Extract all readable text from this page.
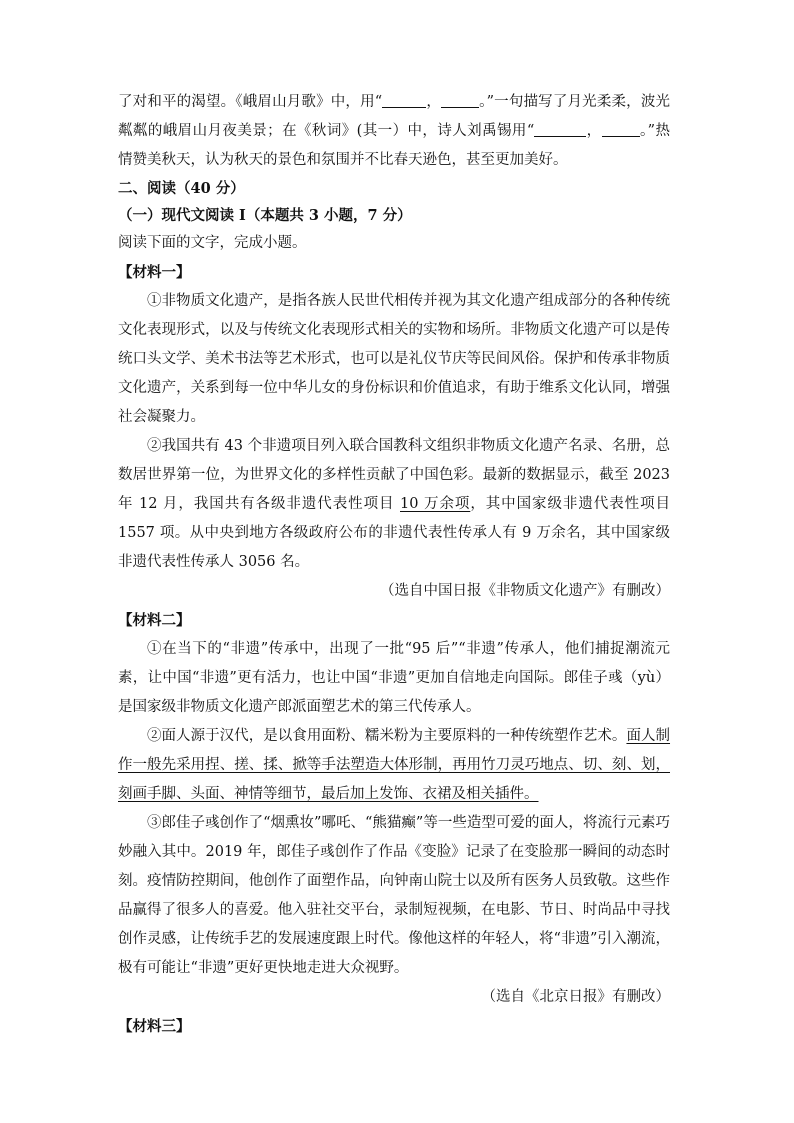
了对和平的渴望。《峨眉山月歌》中，用“	，	。”一句描写了月光柔柔，波光粼粼的峨眉山月夜美景；在《秋词》(其一）中，诗人刘禹锡用“	，	。”热情赞美秋天，认为秋天的景色和氛围并不比春天逊色，甚至更加美好。

二、阅读（40 分）

（一）现代文阅读 I（本题共 3 小题，7 分）

阅读下面的文字，完成小题。

【材料一】

①非物质文化遗产，是指各族人民世代相传并视为其文化遗产组成部分的各种传统文化表现形式，以及与传统文化表现形式相关的实物和场所。非物质文化遗产可以是传统口头文学、美术书法等艺术形式，也可以是礼仪节庆等民间风俗。保护和传承非物质文化遗产，关系到每一位中华儿女的身份标识和价值追求，有助于维系文化认同，增强社会凝聚力。

②我国共有 43 个非遗项目列入联合国教科文组织非物质文化遗产名录、名册，总数居世界第一位，为世界文化的多样性贡献了中国色彩。最新的数据显示，截至 2023 年 12 月，我国共有各级非遗代表性项目 10 万余项，其中国家级非遗代表性项目 1557 项。从中央到地方各级政府公布的非遗代表性传承人有 9 万余名，其中国家级非遗代表性传承人 3056 名。

（选自中国日报《非物质文化遗产》有删改）

【材料二】

①在当下的“非遗”传承中，出现了一批“95 后”“非遗”传承人，他们捕捉潮流元素，让中国“非遗”更有活力，也让中国“非遗”更加自信地走向国际。郎佳子彧（yù）是国家级非物质文化遗产郎派面塑艺术的第三代传承人。

②面人源于汉代，是以食用面粉、糯米粉为主要原料的一种传统塑作艺术。面人制作一般先采用捏、搓、揉、掀等手法塑造大体形制，再用竹刀灵巧地点、切、刻、划，刻画手脚、头面、神情等细节，最后加上发饰、衣裙及相关插件。

③郎佳子彧创作了“烟熏妆”哪吒、“熊猫癫”等一些造型可爱的面人，将流行元素巧妙融入其中。2019 年，郎佳子彧创作了作品《变脸》记录了在变脸那一瞬间的动态时刻。疫情防控期间，他创作了面塑作品，向钟南山院士以及所有医务人员致敬。这些作品赢得了很多人的喜爱。他入驻社交平台，录制短视频，在电影、节日、时尚品中寻找创作灵感，让传统手艺的发展速度跟上时代。像他这样的年轻人，将“非遗”引入潮流，极有可能让“非遗”更好更快地走进大众视野。

（选自《北京日报》有删改）

【材料三】
